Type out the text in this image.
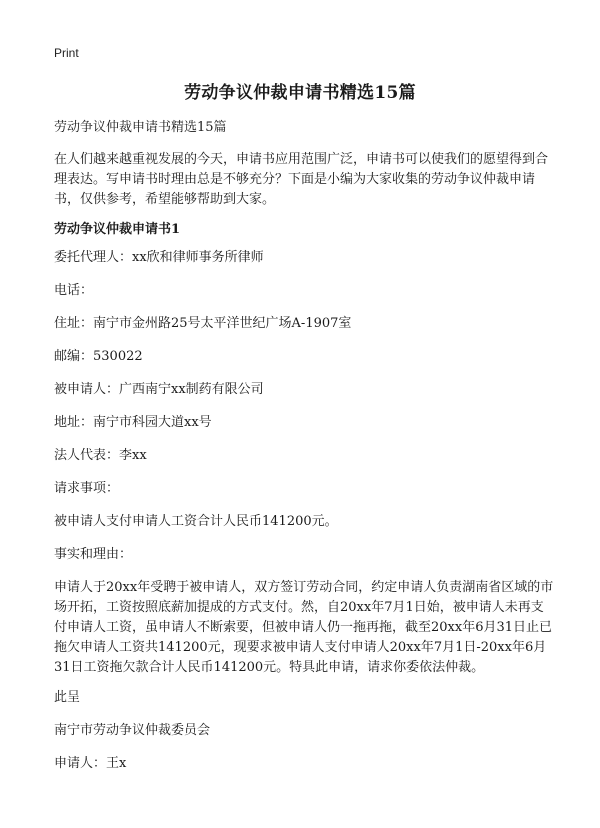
Print
劳动争议仲裁申请书精选15篇

劳动争议仲裁申请书精选15篇

在人们越来越重视发展的今天，申请书应用范围广泛，申请书可以使我们的愿望得到合理表达。写申请书时理由总是不够充分？下面是小编为大家收集的劳动争议仲裁申请书，仅供参考，希望能够帮助到大家。

劳动争议仲裁申请书1

委托代理人：xx欣和律师事务所律师

电话：

住址：南宁市金州路25号太平洋世纪广场A-1907室

邮编：530022

被申请人：广西南宁xx制药有限公司

地址：南宁市科园大道xx号

法人代表：李xx

请求事项：

被申请人支付申请人工资合计人民币141200元。

事实和理由：

申请人于20xx年受聘于被申请人，双方签订劳动合同，约定申请人负责湖南省区域的市场开拓，工资按照底薪加提成的方式支付。然，自20xx年7月1日始，被申请人未再支付申请人工资，虽申请人不断索要，但被申请人仍一拖再拖，截至20xx年6月31日止已拖欠申请人工资共141200元，现要求被申请人支付申请人20xx年7月1日-20xx年6月31日工资拖欠款合计人民币141200元。特具此申请，请求你委依法仲裁。

此呈

南宁市劳动争议仲裁委员会

申请人：王x
